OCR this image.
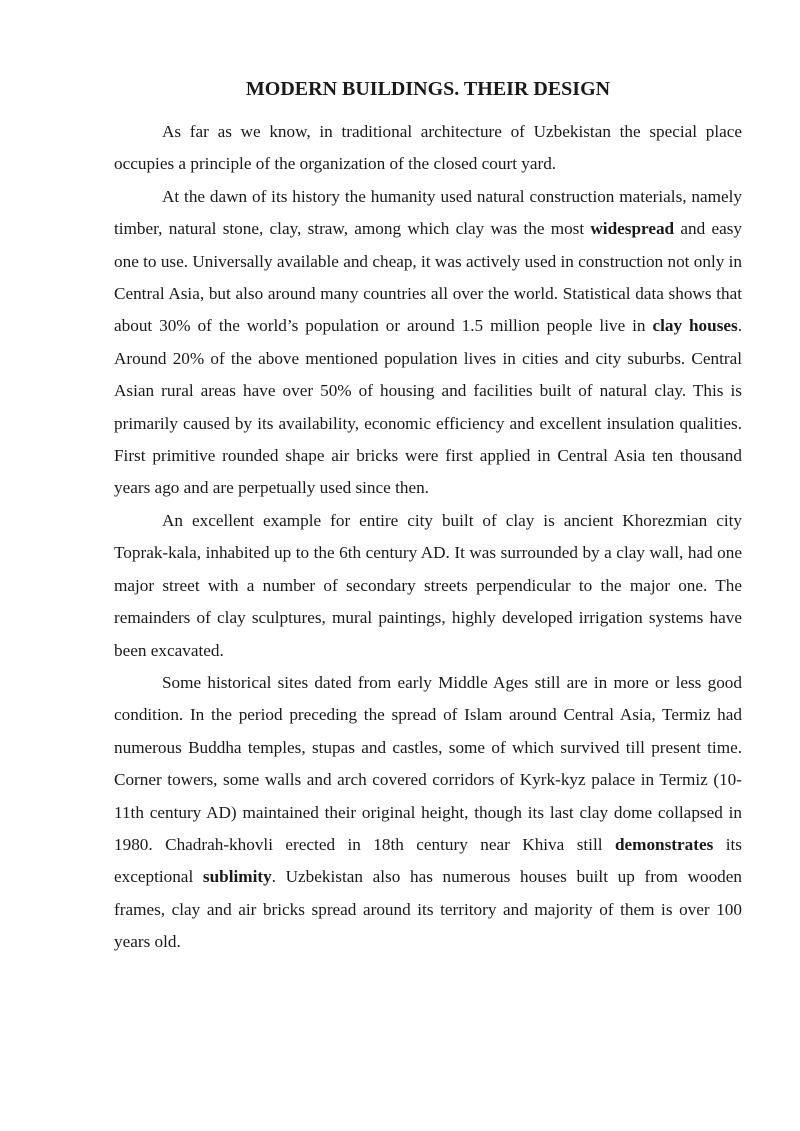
MODERN BUILDINGS. THEIR DESIGN

As far as we know, in traditional architecture of Uzbekistan the special place occupies a principle of the organization of the closed court yard.

At the dawn of its history the humanity used natural construction materials, namely timber, natural stone, clay, straw, among which clay was the most widespread and easy one to use. Universally available and cheap, it was actively used in construction not only in Central Asia, but also around many countries all over the world. Statistical data shows that about 30% of the world’s population or around 1.5 million people live in clay houses. Around 20% of the above mentioned population lives in cities and city suburbs. Central Asian rural areas have over 50% of housing and facilities built of natural clay. This is primarily caused by its availability, economic efficiency and excellent insulation qualities. First primitive rounded shape air bricks were first applied in Central Asia ten thousand years ago and are perpetually used since then.

An excellent example for entire city built of clay is ancient Khorezmian city Toprak-kala, inhabited up to the 6th century AD. It was surrounded by a clay wall, had one major street with a number of secondary streets perpendicular to the major one. The remainders of clay sculptures, mural paintings, highly developed irrigation systems have been excavated.

Some historical sites dated from early Middle Ages still are in more or less good condition. In the period preceding the spread of Islam around Central Asia, Termiz had numerous Buddha temples, stupas and castles, some of which survived till present time. Corner towers, some walls and arch covered corridors of Kyrk-kyz palace in Termiz (10-11th century AD) maintained their original height, though its last clay dome collapsed in 1980. Chadrah-khovli erected in 18th century near Khiva still demonstrates its exceptional sublimity. Uzbekistan also has numerous houses built up from wooden frames, clay and air bricks spread around its territory and majority of them is over 100 years old.
